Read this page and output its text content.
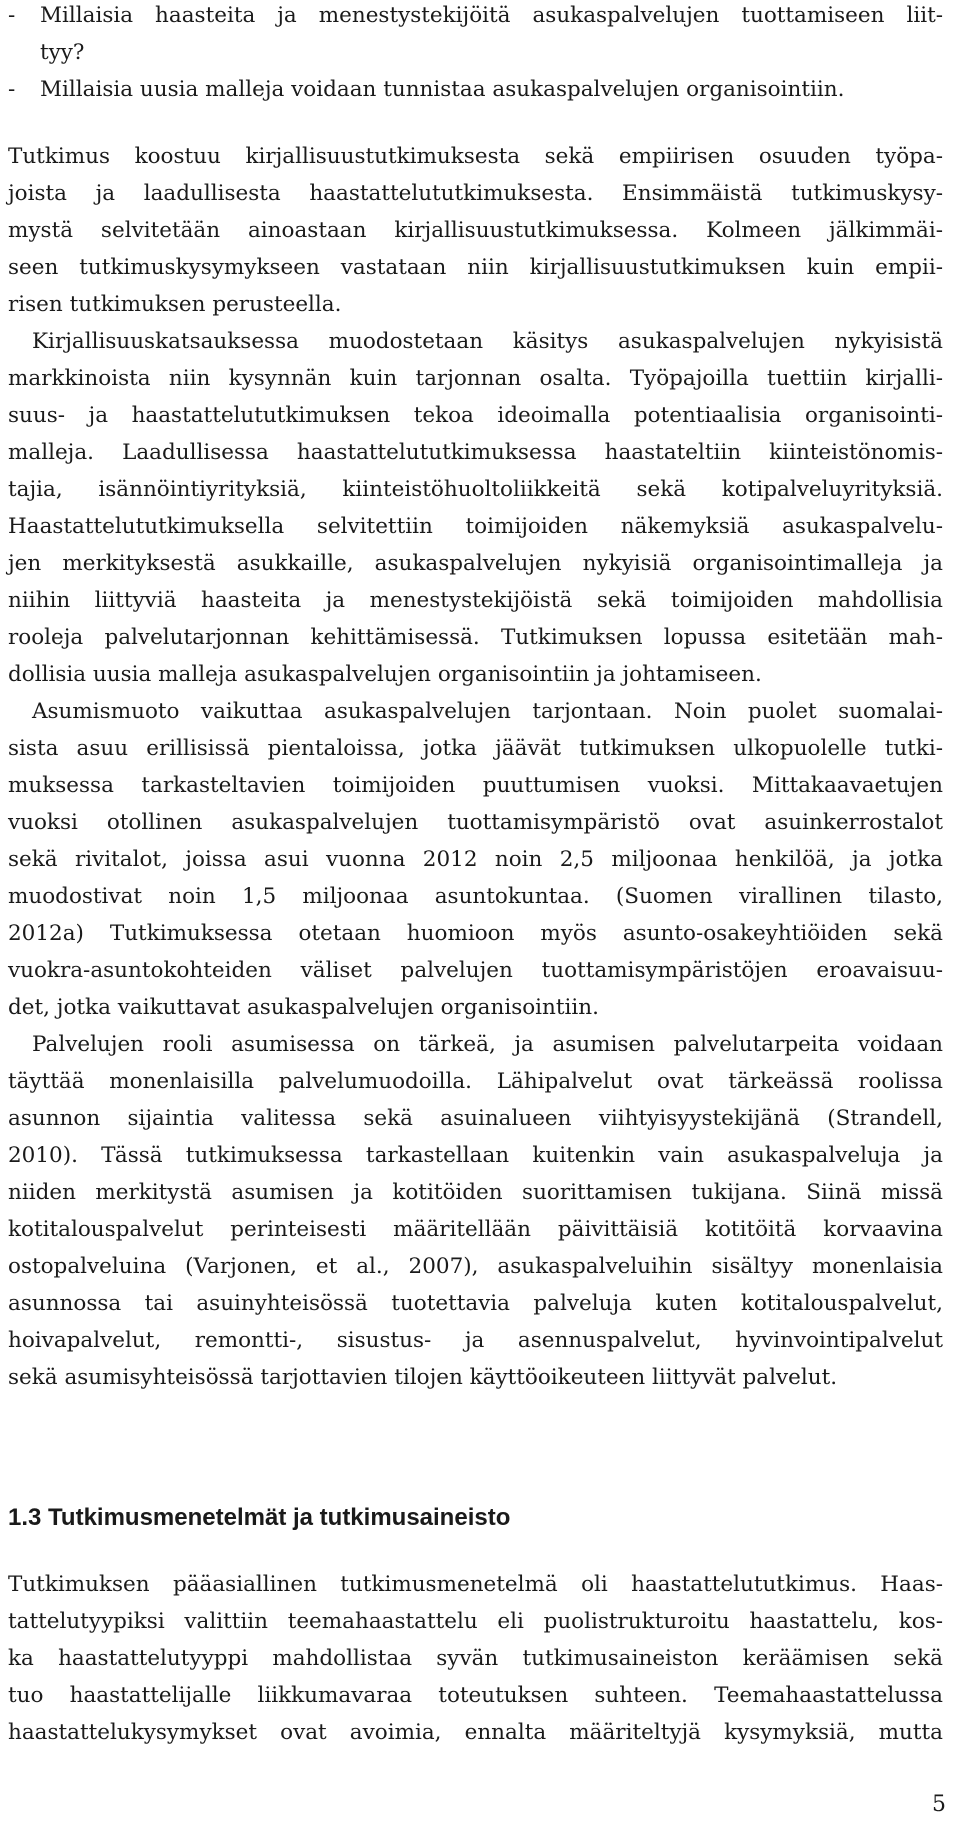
- Millaisia haasteita ja menestystekijöitä asukaspalvelujen tuottamiseen liit-
tyy?
- Millaisia uusia malleja voidaan tunnistaa asukaspalvelujen organisointiin.
Tutkimus koostuu kirjallisuustutkimuksesta sekä empiirisen osuuden työpa-
joista ja laadullisesta haastattelututkimuksesta. Ensimmäistä tutkimuskysy-
mystä selvitetään ainoastaan kirjallisuustutkimuksessa. Kolmeen jälkimmäi-
seen tutkimuskysymykseen vastataan niin kirjallisuustutkimuksen kuin empii-
risen tutkimuksen perusteella.
Kirjallisuuskatsauksessa muodostetaan käsitys asukaspalvelujen nykyisistä
markkinoista niin kysynnän kuin tarjonnan osalta. Työpajoilla tuettiin kirjalli-
suus- ja haastattelututkimuksen tekoa ideoimalla potentiaalisia organisointi-
malleja. Laadullisessa haastattelututkimuksessa haastateltiin kiinteistönomis-
tajia, isännöintiyrityksiä, kiinteistöhuoltoliikkeitä sekä kotipalveluyrityksiä.
Haastattelututkimuksella selvitettiin toimijoiden näkemyksiä asukaspalvelu-
jen merkityksestä asukkaille, asukaspalvelujen nykyisiä organisointimalleja ja
niihin liittyviä haasteita ja menestystekijöistä sekä toimijoiden mahdollisia
rooleja palvelutarjonnan kehittämisessä. Tutkimuksen lopussa esitetään mah-
dollisia uusia malleja asukaspalvelujen organisointiin ja johtamiseen.
Asumismuoto vaikuttaa asukaspalvelujen tarjontaan. Noin puolet suomalai-
sista asuu erillisissä pientaloissa, jotka jäävät tutkimuksen ulkopuolelle tutki-
muksessa tarkasteltavien toimijoiden puuttumisen vuoksi. Mittakaavaetujen
vuoksi otollinen asukaspalvelujen tuottamisympäristö ovat asuinkerrostalot
sekä rivitalot, joissa asui vuonna 2012 noin 2,5 miljoonaa henkilöä, ja jotka
muodostivat noin 1,5 miljoonaa asuntokuntaa. (Suomen virallinen tilasto,
2012a) Tutkimuksessa otetaan huomioon myös asunto-osakeyhtiöiden sekä
vuokra-asuntokohteiden väliset palvelujen tuottamisympäristöjen eroavaisuu-
det, jotka vaikuttavat asukaspalvelujen organisointiin.
Palvelujen rooli asumisessa on tärkeä, ja asumisen palvelutarpeita voidaan
täyttää monenlaisilla palvelumuodoilla. Lähipalvelut ovat tärkeässä roolissa
asunnon sijaintia valitessa sekä asuinalueen viihtyisyystekijänä (Strandell,
2010). Tässä tutkimuksessa tarkastellaan kuitenkin vain asukaspalveluja ja
niiden merkitystä asumisen ja kotitöiden suorittamisen tukijana. Siinä missä
kotitalouspalvelut perinteisesti määritellään päivittäisiä kotitöitä korvaavina
ostopalveluina (Varjonen, et al., 2007), asukaspalveluihin sisältyy monenlaisia
asunnossa tai asuinyhteisössä tuotettavia palveluja kuten kotitalouspalvelut,
hoivapalvelut, remontti-, sisustus- ja asennuspalvelut, hyvinvointipalvelut
sekä asumisyhteisössä tarjottavien tilojen käyttöoikeuteen liittyvät palvelut.
1.3 Tutkimusmenetelmät ja tutkimusaineisto
Tutkimuksen pääasiallinen tutkimusmenetelmä oli haastattelututkimus. Haas-
tattelutyypiksi valittiin teemahaastattelu eli puolistrukturoitu haastattelu, kos-
ka haastattelutyyppi mahdollistaa syvän tutkimusaineiston keräämisen sekä
tuo haastattelijalle liikkumavaraa toteutuksen suhteen. Teemahaastattelussa
haastattelukysymykset ovat avoimia, ennalta määriteltyjä kysymyksiä, mutta
5
